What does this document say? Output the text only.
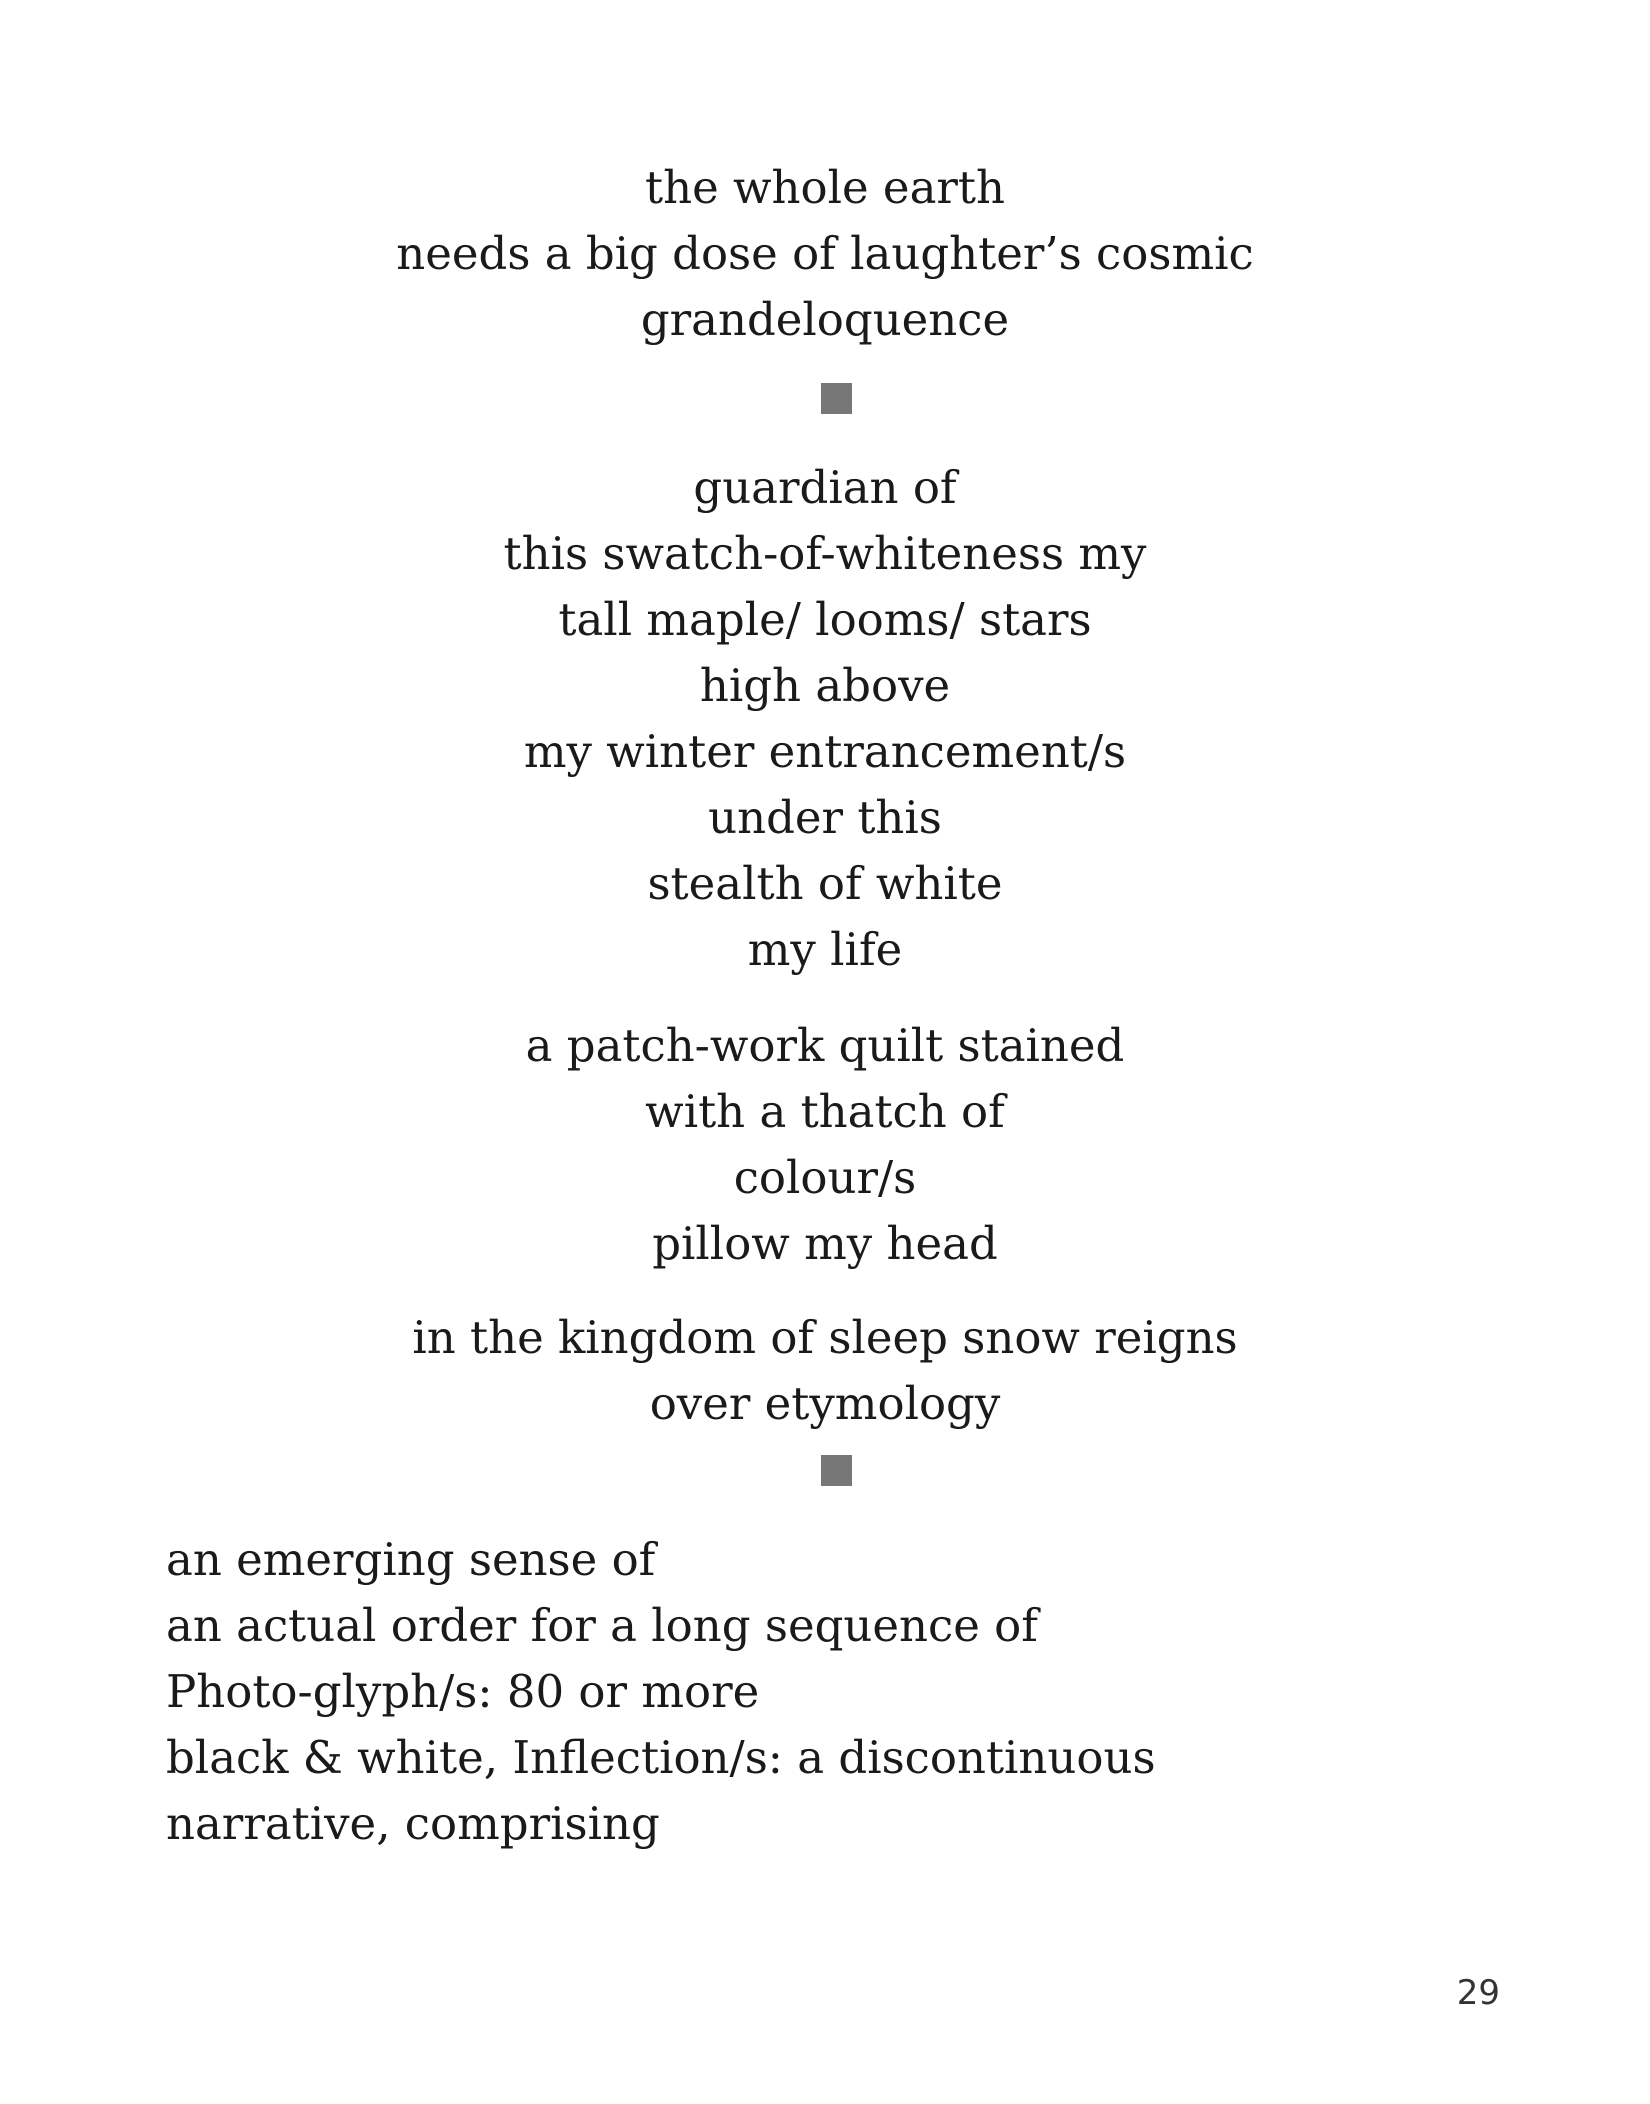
the whole earth
needs a big dose of laughter’s cosmic
grandeloquence
guardian of
this swatch-of-whiteness my
tall maple/ looms/ stars
high above
my winter entrancement/s
under this
stealth of white
my life
a patch-work quilt stained
with a thatch of
colour/s
pillow my head
in the kingdom of sleep snow reigns
over etymology
an emerging sense of
an actual order for a long sequence of
Photo-glyph/s: 80 or more
black & white, Inflection/s: a discontinuous
narrative, comprising
29
